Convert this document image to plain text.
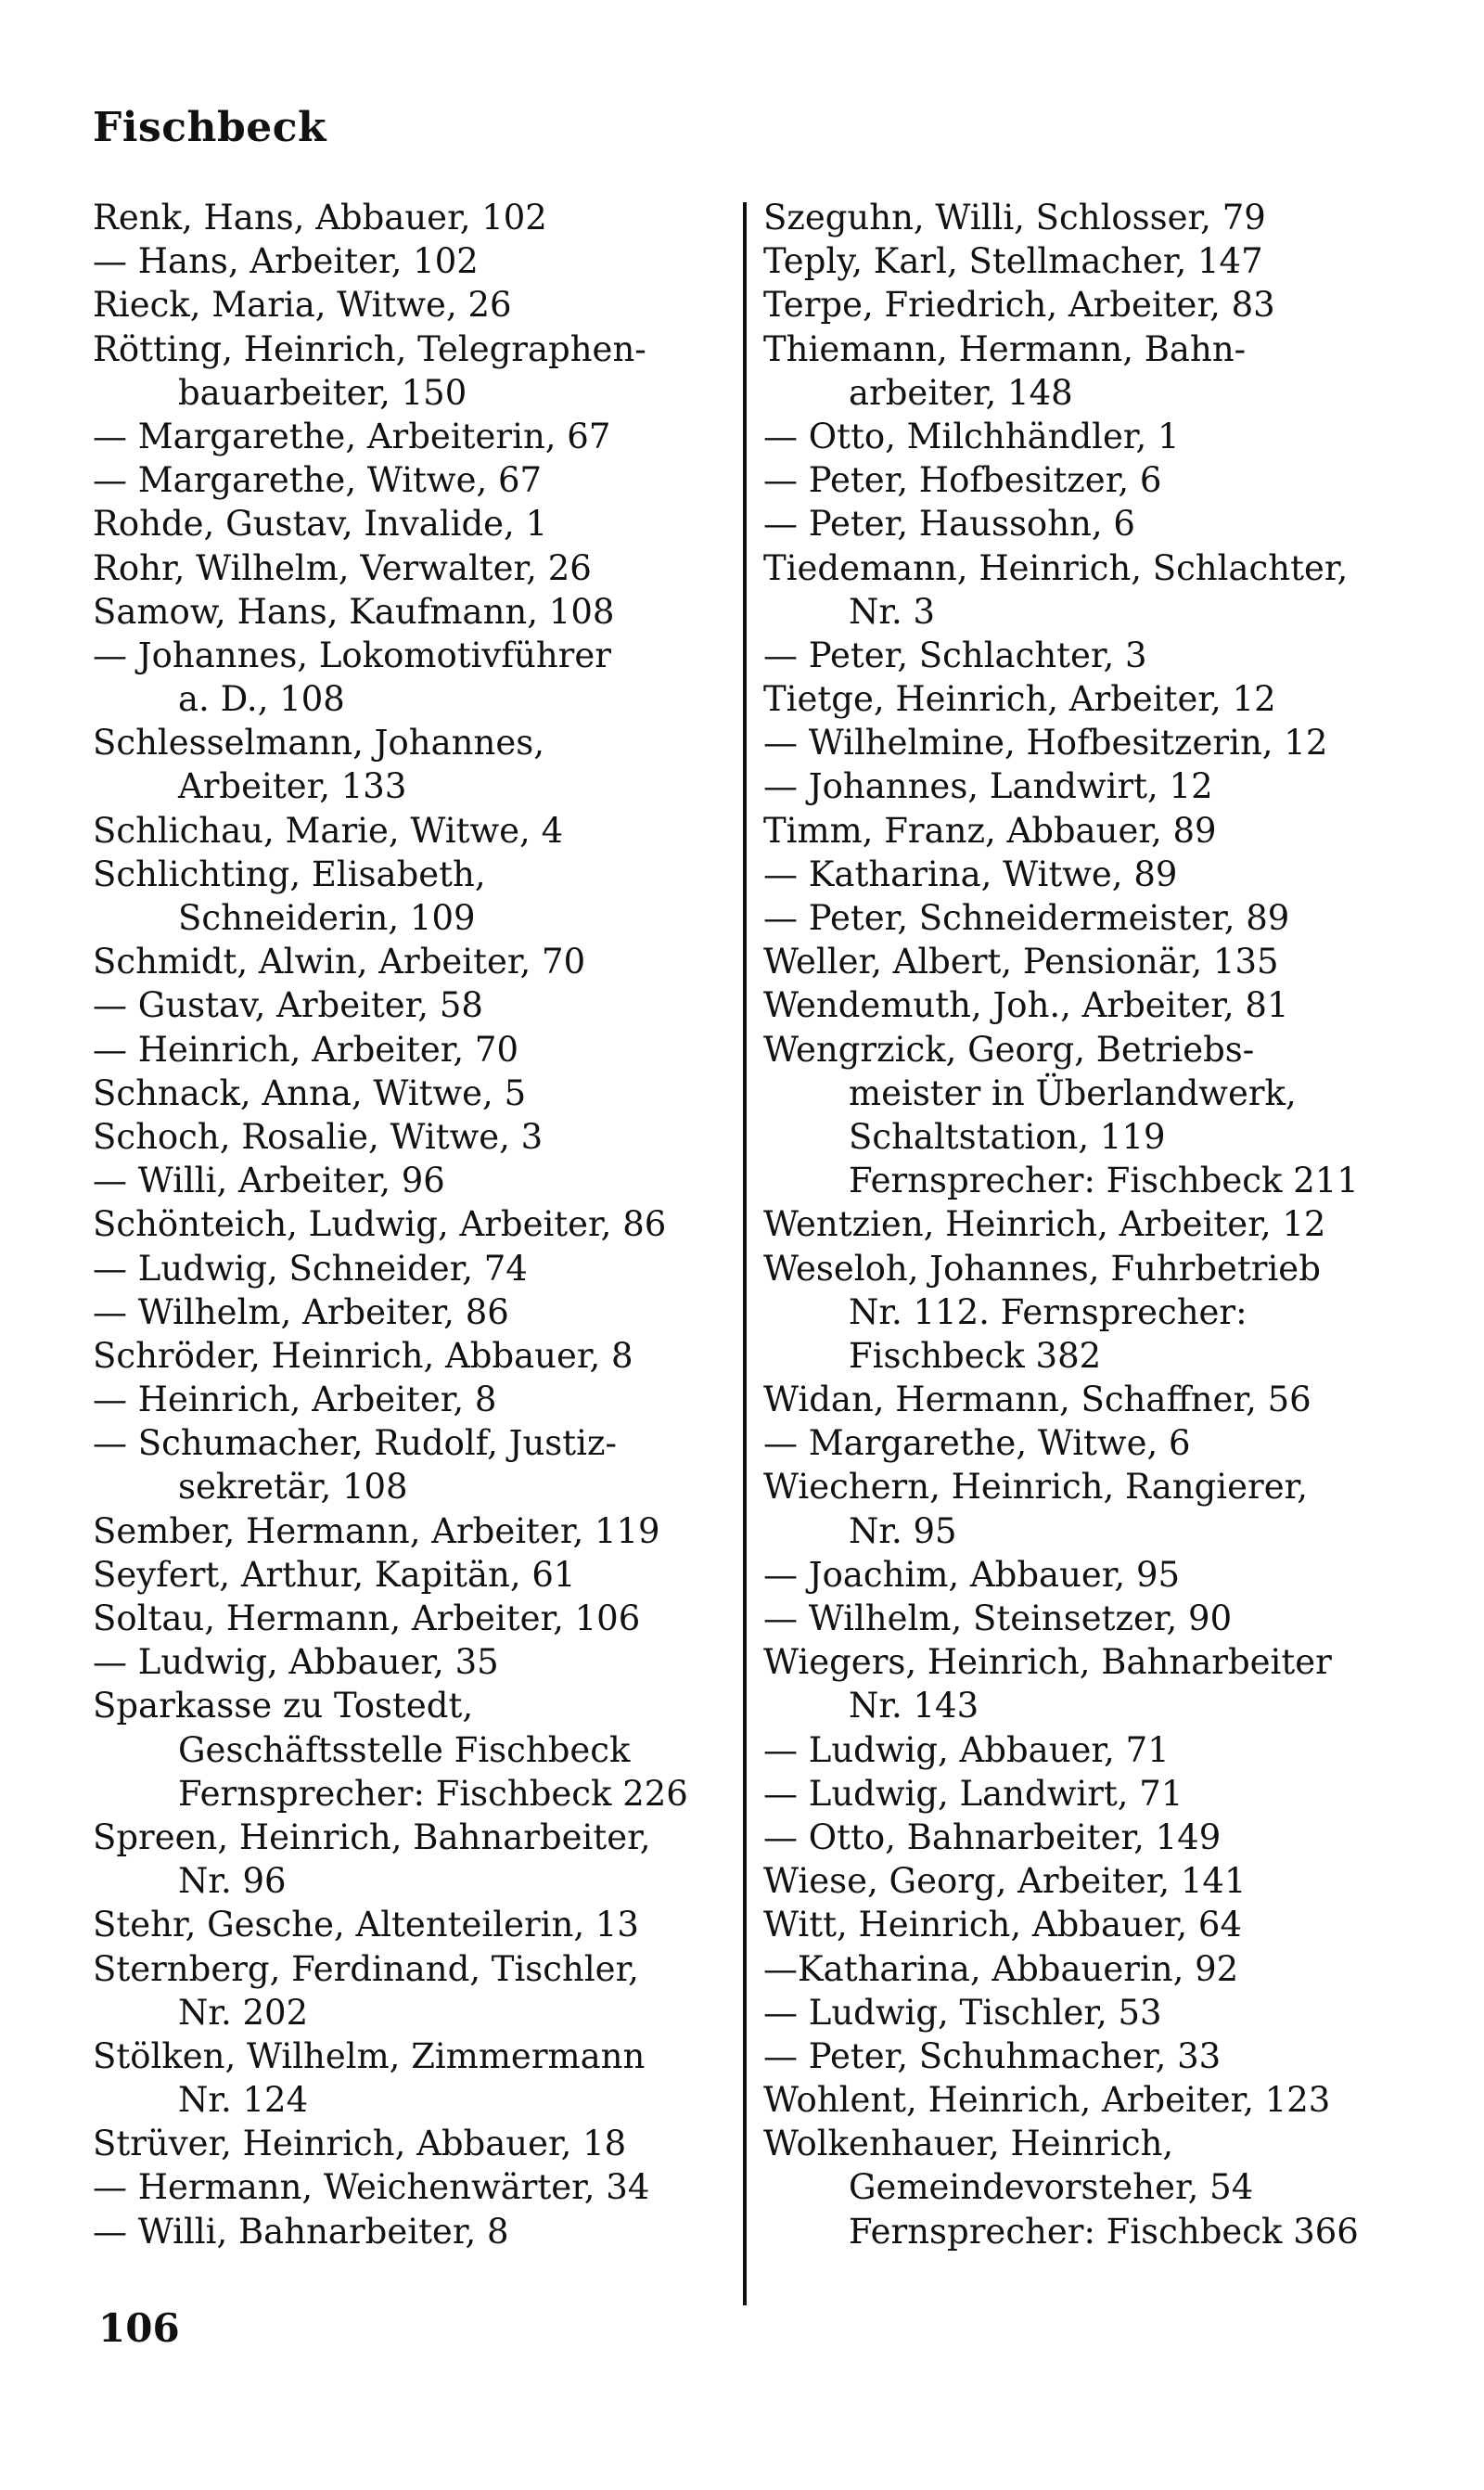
Fischbeck
Renk, Hans, Abbauer, 102
— Hans, Arbeiter, 102
Rieck, Maria, Witwe, 26
Rötting, Heinrich, Telegraphen-
bauarbeiter, 150
— Margarethe, Arbeiterin, 67
— Margarethe, Witwe, 67
Rohde, Gustav, Invalide, 1
Rohr, Wilhelm, Verwalter, 26
Samow, Hans, Kaufmann, 108
— Johannes, Lokomotivführer
a. D., 108
Schlesselmann, Johannes,
Arbeiter, 133
Schlichau, Marie, Witwe, 4
Schlichting, Elisabeth,
Schneiderin, 109
Schmidt, Alwin, Arbeiter, 70
— Gustav, Arbeiter, 58
— Heinrich, Arbeiter, 70
Schnack, Anna, Witwe, 5
Schoch, Rosalie, Witwe, 3
— Willi, Arbeiter, 96
Schönteich, Ludwig, Arbeiter, 86
— Ludwig, Schneider, 74
— Wilhelm, Arbeiter, 86
Schröder, Heinrich, Abbauer, 8
— Heinrich, Arbeiter, 8
— Schumacher, Rudolf, Justiz-
sekretär, 108
Sember, Hermann, Arbeiter, 119
Seyfert, Arthur, Kapitän, 61
Soltau, Hermann, Arbeiter, 106
— Ludwig, Abbauer, 35
Sparkasse zu Tostedt,
Geschäftsstelle Fischbeck
Fernsprecher: Fischbeck 226
Spreen, Heinrich, Bahnarbeiter,
Nr. 96
Stehr, Gesche, Altenteilerin, 13
Sternberg, Ferdinand, Tischler,
Nr. 202
Stölken, Wilhelm, Zimmermann
Nr. 124
Strüver, Heinrich, Abbauer, 18
— Hermann, Weichenwärter, 34
— Willi, Bahnarbeiter, 8
Szeguhn, Willi, Schlosser, 79
Teply, Karl, Stellmacher, 147
Terpe, Friedrich, Arbeiter, 83
Thiemann, Hermann, Bahn-
arbeiter, 148
— Otto, Milchhändler, 1
— Peter, Hofbesitzer, 6
— Peter, Haussohn, 6
Tiedemann, Heinrich, Schlachter,
Nr. 3
— Peter, Schlachter, 3
Tietge, Heinrich, Arbeiter, 12
— Wilhelmine, Hofbesitzerin, 12
— Johannes, Landwirt, 12
Timm, Franz, Abbauer, 89
— Katharina, Witwe, 89
— Peter, Schneidermeister, 89
Weller, Albert, Pensionär, 135
Wendemuth, Joh., Arbeiter, 81
Wengrzick, Georg, Betriebs-
meister in Überlandwerk,
Schaltstation, 119
Fernsprecher: Fischbeck 211
Wentzien, Heinrich, Arbeiter, 12
Weseloh, Johannes, Fuhrbetrieb
Nr. 112. Fernsprecher:
Fischbeck 382
Widan, Hermann, Schaffner, 56
— Margarethe, Witwe, 6
Wiechern, Heinrich, Rangierer,
Nr. 95
— Joachim, Abbauer, 95
— Wilhelm, Steinsetzer, 90
Wiegers, Heinrich, Bahnarbeiter
Nr. 143
— Ludwig, Abbauer, 71
— Ludwig, Landwirt, 71
— Otto, Bahnarbeiter, 149
Wiese, Georg, Arbeiter, 141
Witt, Heinrich, Abbauer, 64
—Katharina, Abbauerin, 92
— Ludwig, Tischler, 53
— Peter, Schuhmacher, 33
Wohlent, Heinrich, Arbeiter, 123
Wolkenhauer, Heinrich,
Gemeindevorsteher, 54
Fernsprecher: Fischbeck 366
106
